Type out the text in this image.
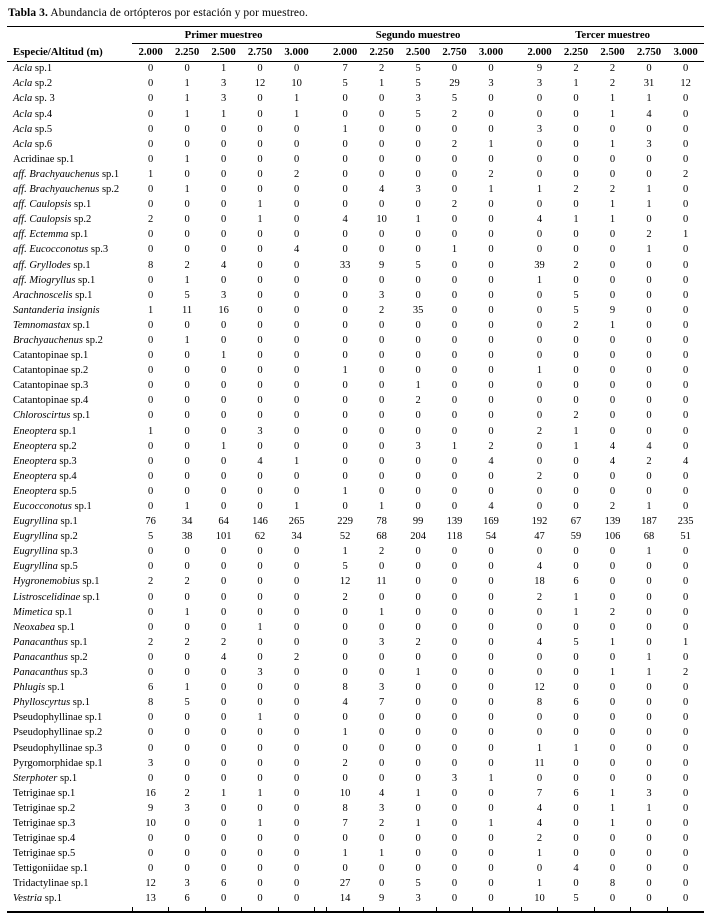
Tabla 3. Abundancia de ortópteros por estación y por muestreo.
	Primer muestreo						Segundo muestreo						Tercer muestreo				
Especie/Altitud (m)	2.000	2.250	2.500	2.750	3.000		2.000	2.250	2.500	2.750	3.000		2.000	2.250	2.500	2.750	3.000
Acla sp.1	0	0	1	0	0		7	2	5	0	0		9	2	2	0	0
Acla sp.2	0	1	3	12	10		5	1	5	29	3		3	1	2	31	12
Acla sp. 3	0	1	3	0	1		0	0	3	5	0		0	0	1	1	0
Acla sp.4	0	1	1	0	1		0	0	5	2	0		0	0	1	4	0
Acla sp.5	0	0	0	0	0		1	0	0	0	0		3	0	0	0	0
Acla sp.6	0	0	0	0	0		0	0	0	2	1		0	0	1	3	0
Acridinae sp.1	0	1	0	0	0		0	0	0	0	0		0	0	0	0	0
aff. Brachyauchenus sp.1	1	0	0	0	2		0	0	0	0	2		0	0	0	0	2
aff. Brachyauchenus sp.2	0	1	0	0	0		0	4	3	0	1		1	2	2	1	0
aff. Caulopsis sp.1	0	0	0	1	0		0	0	0	2	0		0	0	1	1	0
aff. Caulopsis sp.2	2	0	0	1	0		4	10	1	0	0		4	1	1	0	0
aff. Ectemma sp.1	0	0	0	0	0		0	0	0	0	0		0	0	0	2	1
aff. Eucocconotus sp.3	0	0	0	0	4		0	0	0	1	0		0	0	0	1	0
aff. Gryllodes sp.1	8	2	4	0	0		33	9	5	0	0		39	2	0	0	0
aff. Miogryllus sp.1	0	1	0	0	0		0	0	0	0	0		1	0	0	0	0
Arachnoscelis sp.1	0	5	3	0	0		0	3	0	0	0		0	5	0	0	0
Santanderia insignis	1	11	16	0	0		0	2	35	0	0		0	5	9	0	0
Temnomastax sp.1	0	0	0	0	0		0	0	0	0	0		0	2	1	0	0
Brachyauchenus sp.2	0	1	0	0	0		0	0	0	0	0		0	0	0	0	0
Catantopinae sp.1	0	0	1	0	0		0	0	0	0	0		0	0	0	0	0
Catantopinae sp.2	0	0	0	0	0		1	0	0	0	0		1	0	0	0	0
Catantopinae sp.3	0	0	0	0	0		0	0	1	0	0		0	0	0	0	0
Catantopinae sp.4	0	0	0	0	0		0	0	2	0	0		0	0	0	0	0
Chloroscirtus sp.1	0	0	0	0	0		0	0	0	0	0		0	2	0	0	0
Eneoptera sp.1	1	0	0	3	0		0	0	0	0	0		2	1	0	0	0
Eneoptera sp.2	0	0	1	0	0		0	0	3	1	2		0	1	4	4	0
Eneoptera sp.3	0	0	0	4	1		0	0	0	0	4		0	0	4	2	4
Eneoptera sp.4	0	0	0	0	0		0	0	0	0	0		2	0	0	0	0
Eneoptera sp.5	0	0	0	0	0		1	0	0	0	0		0	0	0	0	0
Eucocconotus sp.1	0	1	0	0	1		0	1	0	0	4		0	0	2	1	0
Eugryllina sp.1	76	34	64	146	265		229	78	99	139	169		192	67	139	187	235
Eugryllina sp.2	5	38	101	62	34		52	68	204	118	54		47	59	106	68	51
Eugryllina sp.3	0	0	0	0	0		1	2	0	0	0		0	0	0	1	0
Eugryllina sp.5	0	0	0	0	0		5	0	0	0	0		4	0	0	0	0
Hygronemobius sp.1	2	2	0	0	0		12	11	0	0	0		18	6	0	0	0
Listroscelidinae sp.1	0	0	0	0	0		2	0	0	0	0		2	1	0	0	0
Mimetica sp.1	0	1	0	0	0		0	1	0	0	0		0	1	2	0	0
Neoxabea sp.1	0	0	0	1	0		0	0	0	0	0		0	0	0	0	0
Panacanthus sp.1	2	2	2	0	0		0	3	2	0	0		4	5	1	0	1
Panacanthus sp.2	0	0	4	0	2		0	0	0	0	0		0	0	0	1	0
Panacanthus sp.3	0	0	0	3	0		0	0	1	0	0		0	0	1	1	2
Phlugis sp.1	6	1	0	0	0		8	3	0	0	0		12	0	0	0	0
Phylloscyrtus sp.1	8	5	0	0	0		4	7	0	0	0		8	6	0	0	0
Pseudophyllinae sp.1	0	0	0	1	0		0	0	0	0	0		0	0	0	0	0
Pseudophyllinae sp.2	0	0	0	0	0		1	0	0	0	0		0	0	0	0	0
Pseudophyllinae sp.3	0	0	0	0	0		0	0	0	0	0		1	1	0	0	0
Pyrgomorphidae sp.1	3	0	0	0	0		2	0	0	0	0		11	0	0	0	0
Sterphoter sp.1	0	0	0	0	0		0	0	0	3	1		0	0	0	0	0
Tetriginae sp.1	16	2	1	1	0		10	4	1	0	0		7	6	1	3	0
Tetriginae sp.2	9	3	0	0	0		8	3	0	0	0		4	0	1	1	0
Tetriginae sp.3	10	0	0	1	0		7	2	1	0	1		4	0	1	0	0
Tetriginae sp.4	0	0	0	0	0		0	0	0	0	0		2	0	0	0	0
Tetriginae sp.5	0	0	0	0	0		1	1	0	0	0		1	0	0	0	0
Tettigoniidae sp.1	0	0	0	0	0		0	0	0	0	0		0	4	0	0	0
Tridactylinae sp.1	12	3	6	0	0		27	0	5	0	0		1	0	8	0	0
Vestria sp.1	13	6	0	0	0		14	9	3	0	0		10	5	0	0	0
